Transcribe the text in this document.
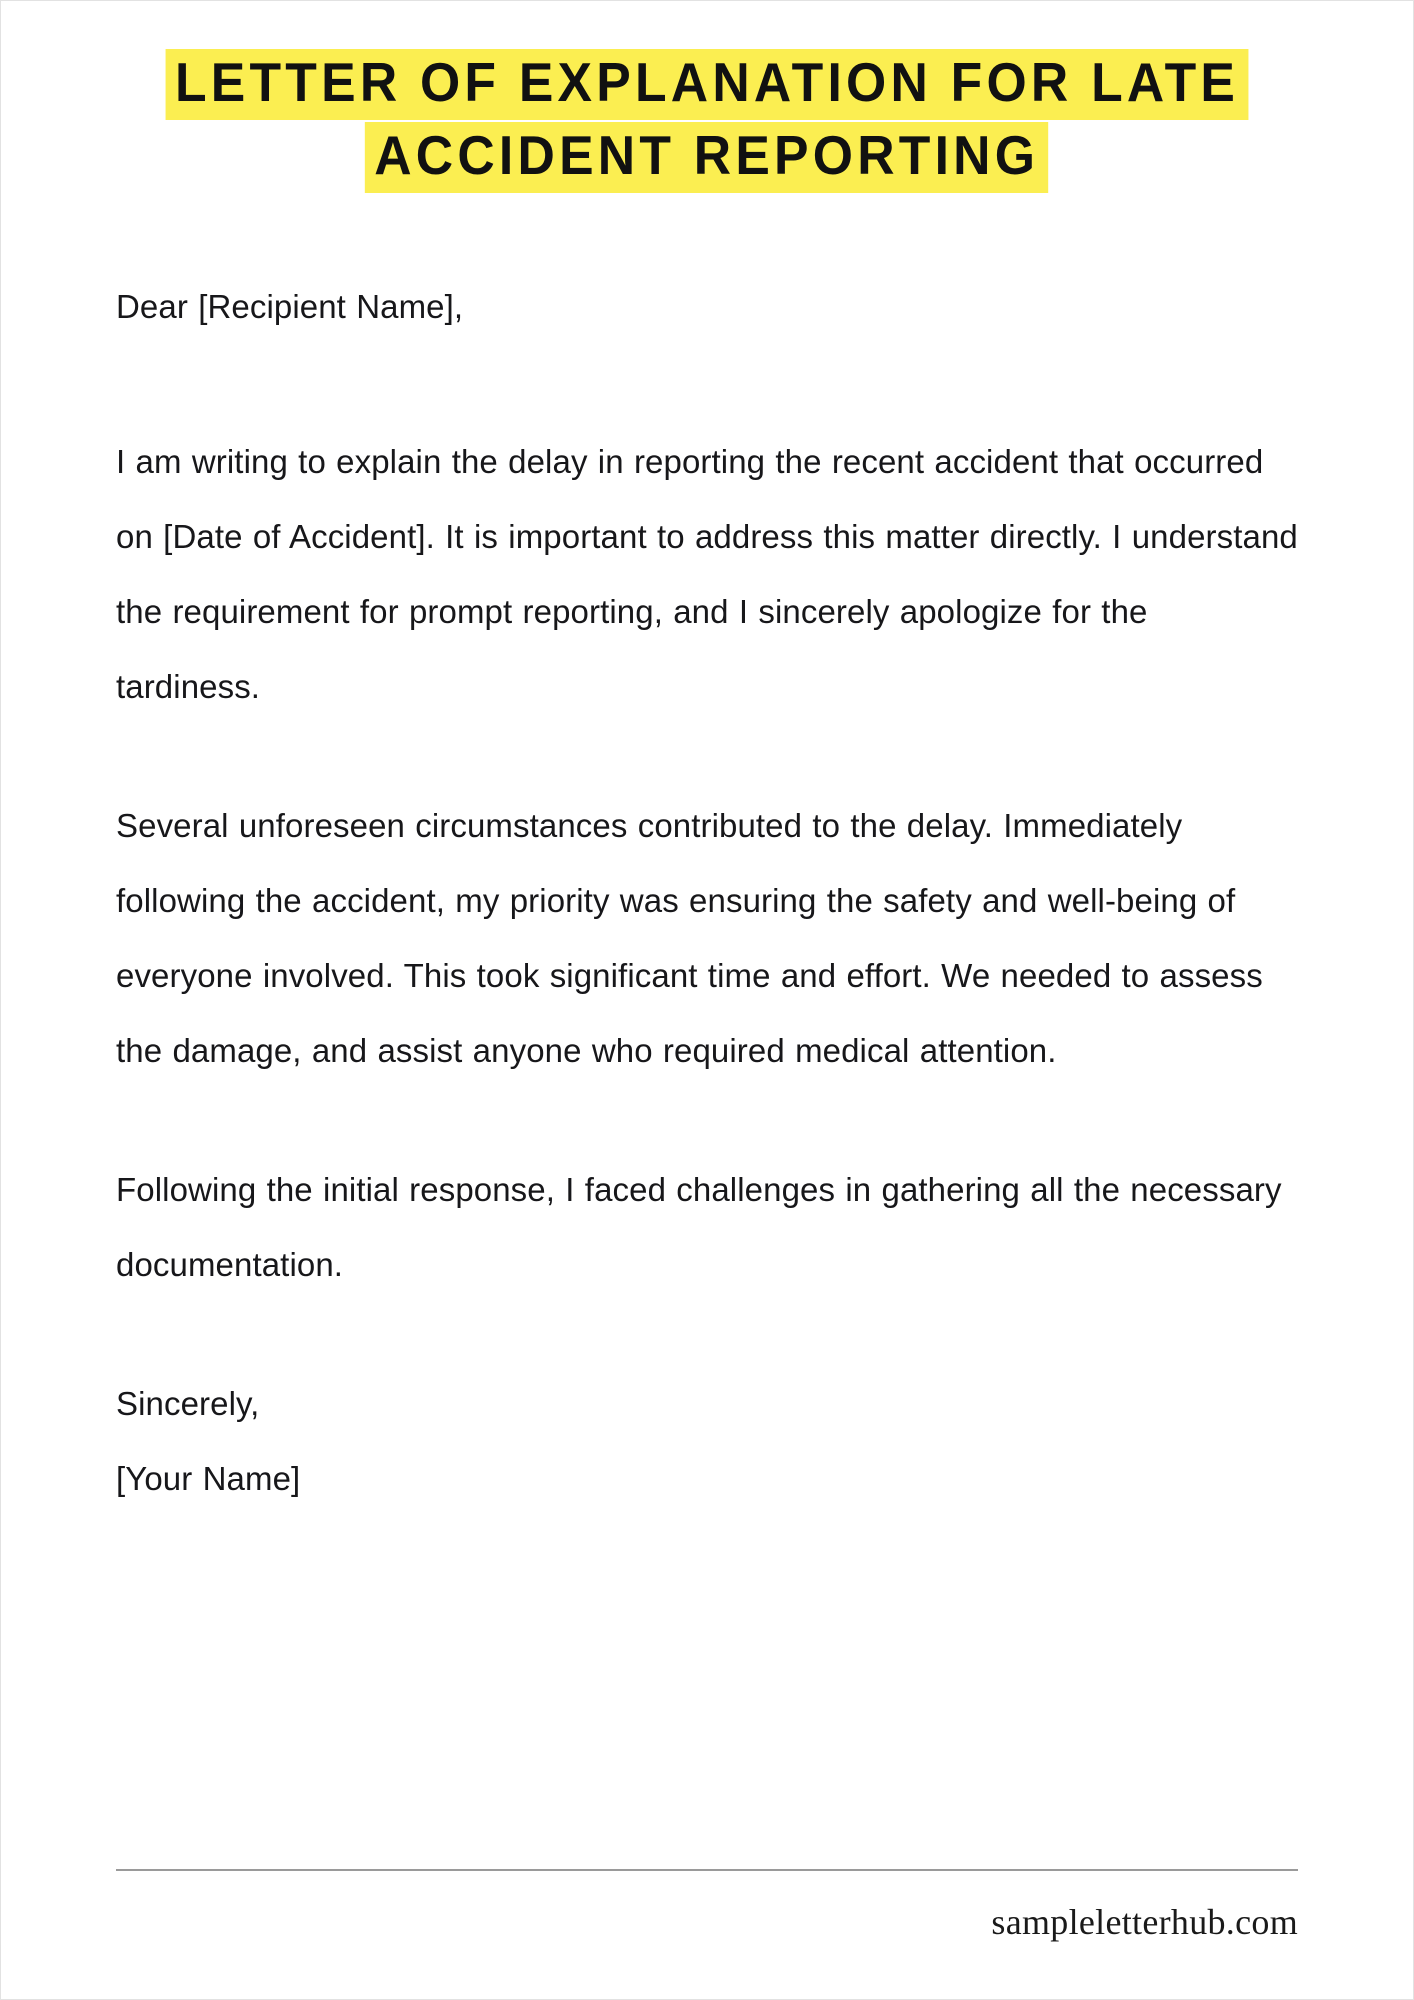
LETTER OF EXPLANATION FOR LATE ACCIDENT REPORTING

Dear [Recipient Name],

I am writing to explain the delay in reporting the recent accident that occurred on [Date of Accident]. It is important to address this matter directly. I understand the requirement for prompt reporting, and I sincerely apologize for the tardiness.

Several unforeseen circumstances contributed to the delay. Immediately following the accident, my priority was ensuring the safety and well-being of everyone involved. This took significant time and effort. We needed to assess the damage, and assist anyone who required medical attention.

Following the initial response, I faced challenges in gathering all the necessary documentation.

Sincerely,
[Your Name]
sampleletterhub.com
